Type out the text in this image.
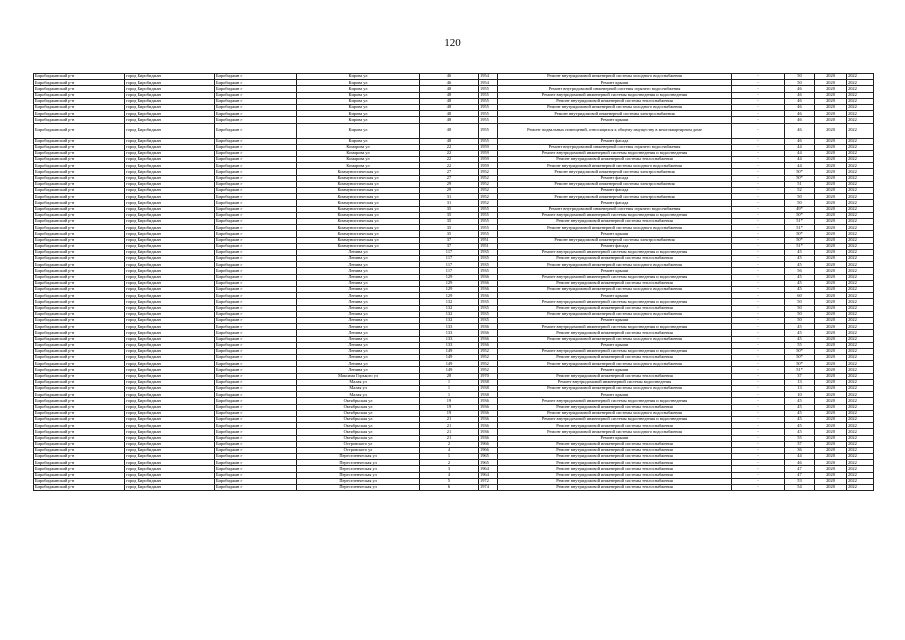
120
Биробиджанский р-н	город Биробиджан	Биробиджан г	Кирова ул	46	1954	Ремонт внутридомовой инженерной системы холодного водоснабжения	-	50	2020	2022
Биробиджанский р-н	город Биробиджан	Биробиджан г	Кирова ул	46	1954	Ремонт крыши	-	50	2020	2022
Биробиджанский р-н	город Биробиджан	Биробиджан г	Кирова ул	48	1955	Ремонт внутридомовой инженерной системы горячего водоснабжения	-	46	2020	2022
Биробиджанский р-н	город Биробиджан	Биробиджан г	Кирова ул	48	1955	Ремонт внутридомовой инженерной системы водоотведения и водоотведения	-	46	2020	2022
Биробиджанский р-н	город Биробиджан	Биробиджан г	Кирова ул	48	1955	Ремонт внутридомовой инженерной системы теплоснабжения	-	46	2020	2022
Биробиджанский р-н	город Биробиджан	Биробиджан г	Кирова ул	48	1955	Ремонт внутридомовой инженерной системы холодного водоснабжения	-	46	2020	2022
Биробиджанский р-н	город Биробиджан	Биробиджан г	Кирова ул	48	1955	Ремонт внутридомовой инженерной системы электроснабжения	-	46	2020	2022
Биробиджанский р-н	город Биробиджан	Биробиджан г	Кирова ул	48	1955	Ремонт крыши	-	46	2020	2022
Биробиджанский р-н	город Биробиджан	Биробиджан г	Кирова ул	48	1955	Ремонт подвальных помещений, относящихся к общему имуществу в многоквартирном доме	-	46	2020	2022
Биробиджанский р-н	город Биробиджан	Биробиджан г	Кирова ул	48	1955	Ремонт фасада	-	46	2020	2022
Биробиджанский р-н	город Биробиджан	Биробиджан г	Комарова ул	22	1959	Ремонт внутридомовой инженерной системы горячего водоснабжения	-	44	2020	2022
Биробиджанский р-н	город Биробиджан	Биробиджан г	Комарова ул	22	1959	Ремонт внутридомовой инженерной системы водоотведения и водоотведения	-	44	2020	2022
Биробиджанский р-н	город Биробиджан	Биробиджан г	Комарова ул	22	1959	Ремонт внутридомовой инженерной системы теплоснабжения	-	44	2020	2022
Биробиджанский р-н	город Биробиджан	Биробиджан г	Комарова ул	22	1959	Ремонт внутридомовой инженерной системы холодного водоснабжения	-	44	2020	2022
Биробиджанский р-н	город Биробиджан	Биробиджан г	Коммунистическая ул	27	1952	Ремонт внутридомовой инженерной системы электроснабжения	-	50*	2020	2022
Биробиджанский р-н	город Биробиджан	Биробиджан г	Коммунистическая ул	27	1952	Ремонт фасада	-	50*	2020	2022
Биробиджанский р-н	город Биробиджан	Биробиджан г	Коммунистическая ул	29	1952	Ремонт внутридомовой инженерной системы электроснабжения	-	51	2020	2022
Биробиджанский р-н	город Биробиджан	Биробиджан г	Коммунистическая ул	29	1952	Ремонт фасада	-	52	2020	2022
Биробиджанский р-н	город Биробиджан	Биробиджан г	Коммунистическая ул	31	1952	Ремонт внутридомовой инженерной системы электроснабжения	-	50	2020	2022
Биробиджанский р-н	город Биробиджан	Биробиджан г	Коммунистическая ул	31	1952	Ремонт фасада	-	50	2020	2022
Биробиджанский р-н	город Биробиджан	Биробиджан г	Коммунистическая ул	35	1955	Ремонт внутридомовой инженерной системы горячего водоснабжения	-	49*	2020	2022
Биробиджанский р-н	город Биробиджан	Биробиджан г	Коммунистическая ул	35	1955	Ремонт внутридомовой инженерной системы водоотведения и водоотведения	-	50*	2020	2022
Биробиджанский р-н	город Биробиджан	Биробиджан г	Коммунистическая ул	35	1955	Ремонт внутридомовой инженерной системы теплоснабжения	-	51*	2020	2022
Биробиджанский р-н	город Биробиджан	Биробиджан г	Коммунистическая ул	35	1955	Ремонт внутридомовой инженерной системы холодного водоснабжения	-	51*	2020	2022
Биробиджанский р-н	город Биробиджан	Биробиджан г	Коммунистическая ул	35	1955	Ремонт крыши	-	50*	2020	2022
Биробиджанский р-н	город Биробиджан	Биробиджан г	Коммунистическая ул	37	1951	Ремонт внутридомовой инженерной системы электроснабжения	-	50*	2020	2022
Биробиджанский р-н	город Биробиджан	Биробиджан г	Коммунистическая ул	37	1951	Ремонт фасада	-	51*	2020	2022
Биробиджанский р-н	город Биробиджан	Биробиджан г	Ленина ул	117	1935	Ремонт внутридомовой инженерной системы водоотведения и водоотведения	-	45	2020	2022
Биробиджанский р-н	город Биробиджан	Биробиджан г	Ленина ул	117	1935	Ремонт внутридомовой инженерной системы теплоснабжения	-	45	2020	2022
Биробиджанский р-н	город Биробиджан	Биробиджан г	Ленина ул	117	1935	Ремонт внутридомовой инженерной системы холодного водоснабжения	-	45	2020	2022
Биробиджанский р-н	город Биробиджан	Биробиджан г	Ленина ул	117	1935	Ремонт крыши	-	56	2020	2022
Биробиджанский р-н	город Биробиджан	Биробиджан г	Ленина ул	129	1936	Ремонт внутридомовой инженерной системы водоотведения и водоотведения	-	45	2020	2022
Биробиджанский р-н	город Биробиджан	Биробиджан г	Ленина ул	129	1936	Ремонт внутридомовой инженерной системы теплоснабжения	-	45	2020	2022
Биробиджанский р-н	город Биробиджан	Биробиджан г	Ленина ул	129	1936	Ремонт внутридомовой инженерной системы холодного водоснабжения	-	45	2020	2022
Биробиджанский р-н	город Биробиджан	Биробиджан г	Ленина ул	129	1936	Ремонт крыши	-	60	2020	2022
Биробиджанский р-н	город Биробиджан	Биробиджан г	Ленина ул	132	1935	Ремонт внутридомовой инженерной системы водоотведения и водоотведения	-	50	2020	2022
Биробиджанский р-н	город Биробиджан	Биробиджан г	Ленина ул	132	1935	Ремонт внутридомовой инженерной системы теплоснабжения	-	50	2020	2022
Биробиджанский р-н	город Биробиджан	Биробиджан г	Ленина ул	132	1935	Ремонт внутридомовой инженерной системы холодного водоснабжения	-	50	2020	2022
Биробиджанский р-н	город Биробиджан	Биробиджан г	Ленина ул	132	1935	Ремонт крыши	-	50	2020	2022
Биробиджанский р-н	город Биробиджан	Биробиджан г	Ленина ул	133	1936	Ремонт внутридомовой инженерной системы водоотведения и водоотведения	-	45	2020	2022
Биробиджанский р-н	город Биробиджан	Биробиджан г	Ленина ул	133	1936	Ремонт внутридомовой инженерной системы теплоснабжения	-	45	2020	2022
Биробиджанский р-н	город Биробиджан	Биробиджан г	Ленина ул	133	1936	Ремонт внутридомовой инженерной системы холодного водоснабжения	-	45	2020	2022
Биробиджанский р-н	город Биробиджан	Биробиджан г	Ленина ул	133	1936	Ремонт крыши	-	55	2020	2022
Биробиджанский р-н	город Биробиджан	Биробиджан г	Ленина ул	149	1952	Ремонт внутридомовой инженерной системы водоотведения и водоотведения	-	50*	2020	2022
Биробиджанский р-н	город Биробиджан	Биробиджан г	Ленина ул	149	1952	Ремонт внутридомовой инженерной системы теплоснабжения	-	50*	2020	2022
Биробиджанский р-н	город Биробиджан	Биробиджан г	Ленина ул	149	1952	Ремонт внутридомовой инженерной системы холодного водоснабжения	-	50*	2020	2022
Биробиджанский р-н	город Биробиджан	Биробиджан г	Ленина ул	149	1952	Ремонт крыши	-	51*	2020	2022
Биробиджанский р-н	город Биробиджан	Биробиджан г	Максима Горького ул	28	1970	Ремонт внутридомовой инженерной системы теплоснабжения	-	37	2020	2022
Биробиджанский р-н	город Биробиджан	Биробиджан г	Малая ул	1	1938	Ремонт внутридомовой инженерной системы водоотведения	-	13	2020	2022
Биробиджанский р-н	город Биробиджан	Биробиджан г	Малая ул	1	1938	Ремонт внутридомовой инженерной системы холодного водоснабжения	-	13	2020	2022
Биробиджанский р-н	город Биробиджан	Биробиджан г	Малая ул	1	1938	Ремонт крыши	-	10	2020	2022
Биробиджанский р-н	город Биробиджан	Биробиджан г	Октябрьская ул	19	1936	Ремонт внутридомовой инженерной системы водоотведения и водоотведения	-	45	2020	2022
Биробиджанский р-н	город Биробиджан	Биробиджан г	Октябрьская ул	19	1936	Ремонт внутридомовой инженерной системы теплоснабжения	-	45	2020	2022
Биробиджанский р-н	город Биробиджан	Биробиджан г	Октябрьская ул	19	1936	Ремонт внутридомовой инженерной системы холодного водоснабжения	-	45	2020	2022
Биробиджанский р-н	город Биробиджан	Биробиджан г	Октябрьская ул	21	1936	Ремонт внутридомовой инженерной системы водоотведения и водоотведения	-	45	2020	2022
Биробиджанский р-н	город Биробиджан	Биробиджан г	Октябрьская ул	21	1936	Ремонт внутридомовой инженерной системы теплоснабжения	-	45	2020	2022
Биробиджанский р-н	город Биробиджан	Биробиджан г	Октябрьская ул	21	1936	Ремонт внутридомовой инженерной системы холодного водоснабжения	-	45	2020	2022
Биробиджанский р-н	город Биробиджан	Биробиджан г	Октябрьская ул	21	1936	Ремонт крыши	-	55	2020	2022
Биробиджанский р-н	город Биробиджан	Биробиджан г	Островского ул	2	1966	Ремонт внутридомовой инженерной системы теплоснабжения	-	37	2020	2022
Биробиджанский р-н	город Биробиджан	Биробиджан г	Островского ул	4	1966	Ремонт внутридомовой инженерной системы теплоснабжения	-	36	2020	2022
Биробиджанский р-н	город Биробиджан	Биробиджан г	Переселенческая ул	1	1965	Ремонт внутридомовой инженерной системы теплоснабжения	-	44	2020	2022
Биробиджанский р-н	город Биробиджан	Биробиджан г	Переселенческая ул	2	1965	Ремонт внутридомовой инженерной системы теплоснабжения	-	46	2020	2022
Биробиджанский р-н	город Биробиджан	Биробиджан г	Переселенческая ул	3	1964	Ремонт внутридомовой инженерной системы теплоснабжения	-	47	2020	2022
Биробиджанский р-н	город Биробиджан	Биробиджан г	Переселенческая ул	4	1964	Ремонт внутридомовой инженерной системы теплоснабжения	-	47	2020	2022
Биробиджанский р-н	город Биробиджан	Биробиджан г	Переселенческая ул	5	1972	Ремонт внутридомовой инженерной системы теплоснабжения	-	53	2020	2022
Биробиджанский р-н	город Биробиджан	Биробиджан г	Переселенческая ул	6	1974	Ремонт внутридомовой инженерной системы теплоснабжения	-	54	2020	2022
